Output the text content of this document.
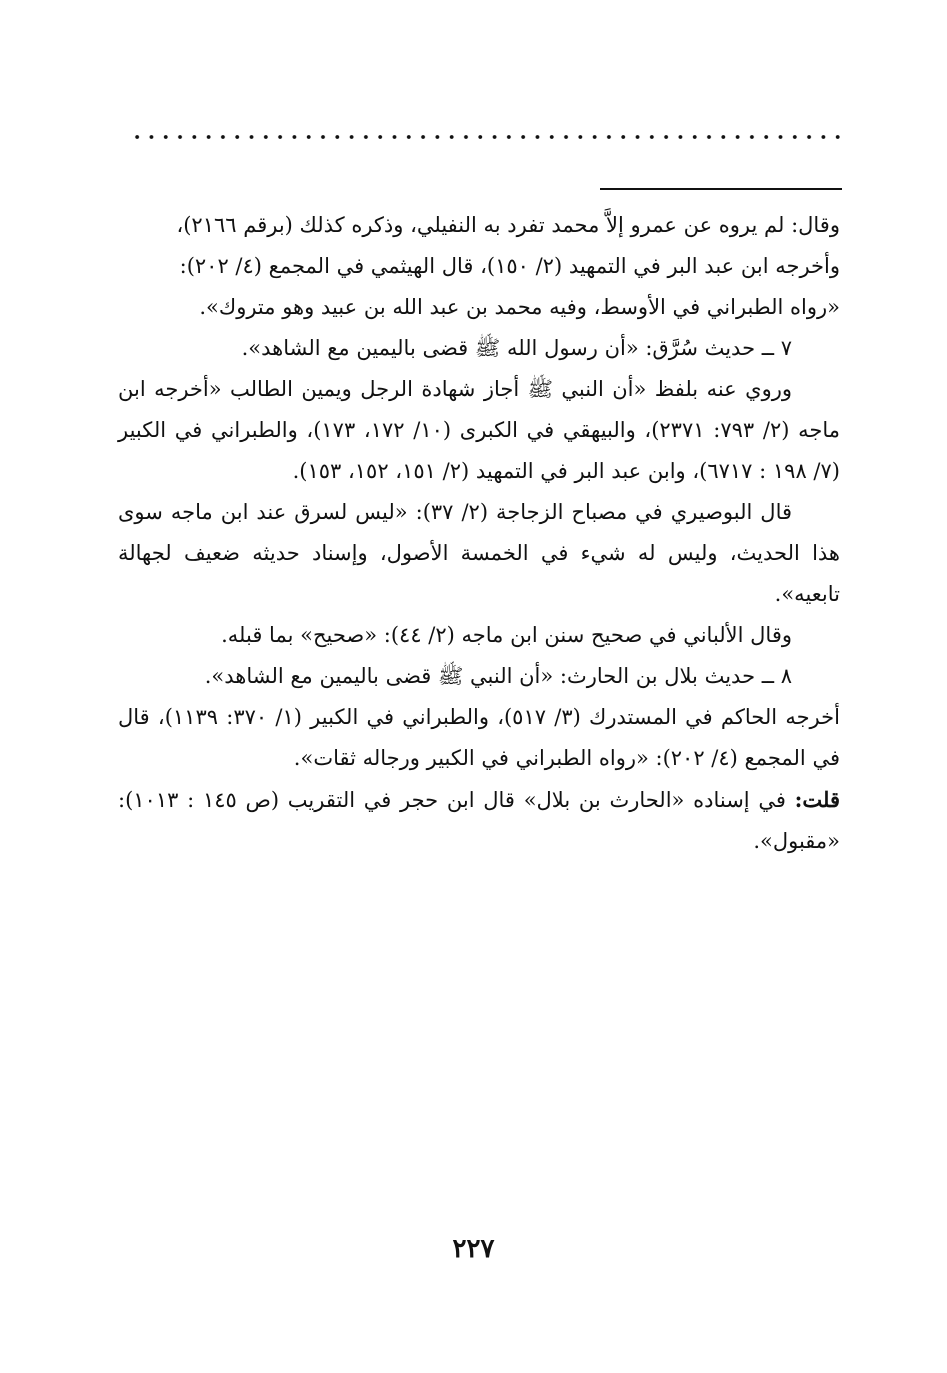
وقال: لم يروه عن عمرو إلاَّ محمد تفرد به النفيلي، وذكره كذلك (برقم ٢١٦٦)،
وأخرجه ابن عبد البر في التمهيد (٢/ ١٥٠)، قال الهيثمي في المجمع (٤/ ٢٠٢):
«رواه الطبراني في الأوسط، وفيه محمد بن عبد الله بن عبيد وهو متروك».

٧ ــ حديث سُرَّق: «أن رسول الله ﷺ قضى باليمين مع الشاهد».

وروي عنه بلفظ «أن النبي ﷺ أجاز شهادة الرجل ويمين الطالب «أخرجه ابن ماجه (٢/ ٧٩٣: ٢٣٧١)، والبيهقي في الكبرى (١٠/ ١٧٢، ١٧٣)، والطبراني في الكبير (٧/ ١٩٨ : ٦٧١٧)، وابن عبد البر في التمهيد (٢/ ١٥١، ١٥٢، ١٥٣).

قال البوصيري في مصباح الزجاجة (٢/ ٣٧): «ليس لسرق عند ابن ماجه سوى هذا الحديث، وليس له شيء في الخمسة الأصول، وإسناد حديثه ضعيف لجهالة تابعيه».

وقال الألباني في صحيح سنن ابن ماجه (٢/ ٤٤): «صحيح» بما قبله.

٨ ــ حديث بلال بن الحارث: «أن النبي ﷺ قضى باليمين مع الشاهد».

أخرجه الحاكم في المستدرك (٣/ ٥١٧)، والطبراني في الكبير (١/ ٣٧٠: ١١٣٩)، قال في المجمع (٤/ ٢٠٢): «رواه الطبراني في الكبير ورجاله ثقات».

قلت: في إسناده «الحارث بن بلال» قال ابن حجر في التقريب (ص ١٤٥ : ١٠١٣): «مقبول».

٢٢٧
